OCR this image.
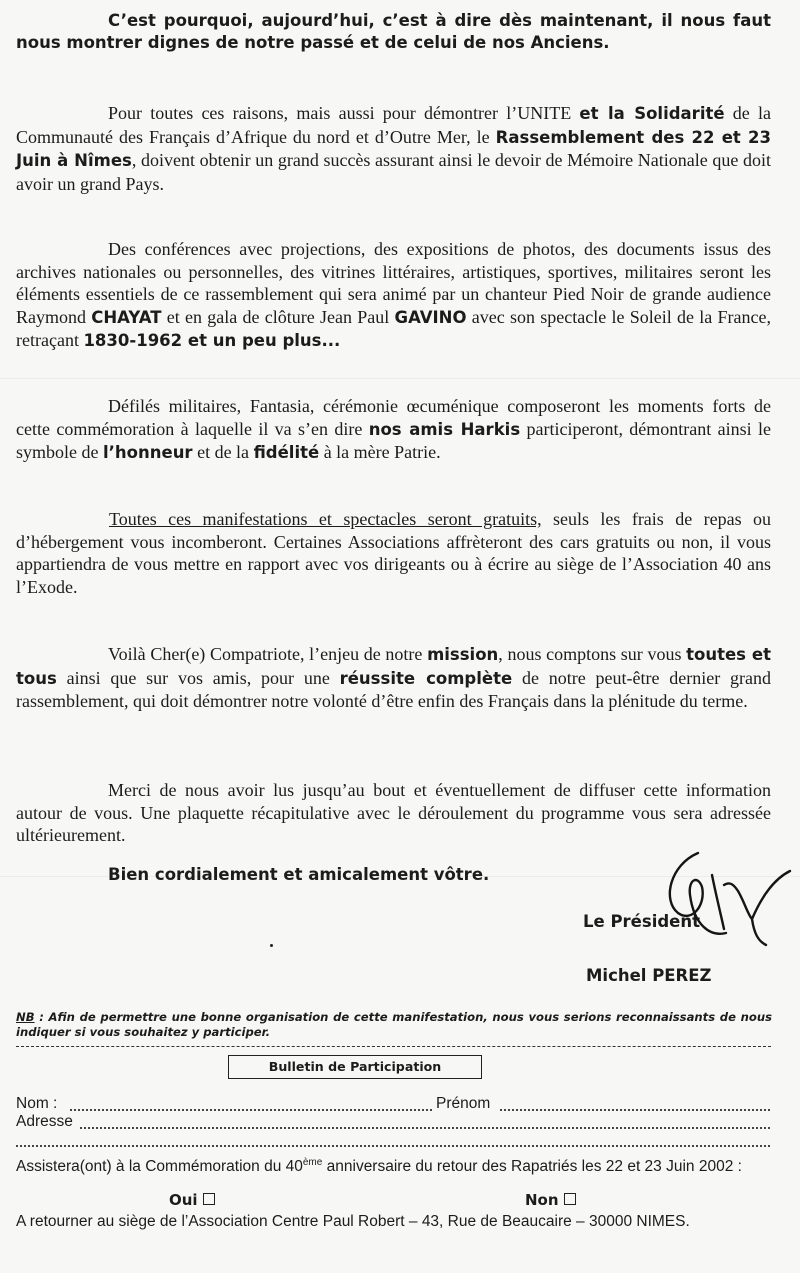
C’est pourquoi, aujourd’hui, c’est à dire dès maintenant, il nous faut nous montrer dignes de notre passé et de celui de nos Anciens.

Pour toutes ces raisons, mais aussi pour démontrer l’UNITE et la Solidarité de la Communauté des Français d’Afrique du nord et d’Outre Mer, le Rassemblement des 22 et 23 Juin à Nîmes, doivent obtenir un grand succès assurant ainsi le devoir de Mémoire Nationale que doit avoir un grand Pays.

Des conférences avec projections, des expositions de photos, des documents issus des archives nationales ou personnelles, des vitrines littéraires, artistiques, sportives, militaires seront les éléments essentiels de ce rassemblement qui sera animé par un chanteur Pied Noir de grande audience Raymond CHAYAT et en gala de clôture Jean Paul GAVINO avec son spectacle le Soleil de la France, retraçant 1830-1962 et un peu plus...

Défilés militaires, Fantasia, cérémonie œcuménique composeront les moments forts de cette commémoration à laquelle il va s’en dire nos amis Harkis participeront, démontrant ainsi le symbole de l’honneur et de la fidélité à la mère Patrie.

Toutes ces manifestations et spectacles seront gratuits, seuls les frais de repas ou d’hébergement vous incomberont. Certaines Associations affrèteront des cars gratuits ou non, il vous appartiendra de vous mettre en rapport avec vos dirigeants ou à écrire au siège de l’Association 40 ans l’Exode.

Voilà Cher(e) Compatriote, l’enjeu de notre mission, nous comptons sur vous toutes et tous ainsi que sur vos amis, pour une réussite complète de notre peut-être dernier grand rassemblement, qui doit démontrer notre volonté d’être enfin des Français dans la plénitude du terme.

Merci de nous avoir lus jusqu’au bout et éventuellement de diffuser cette information autour de vous. Une plaquette récapitulative avec le déroulement du programme vous sera adressée ultérieurement.

Bien cordialement et amicalement vôtre.
Le Président
Michel PEREZ

NB : Afin de permettre une bonne organisation de cette manifestation, nous vous serions reconnaissants de nous indiquer si vous souhaitez y participer.

Bulletin de Participation
Nom :	Prénom
Adresse
Assistera(ont) à la Commémoration du 40ème anniversaire du retour des Rapatriés les 22 et 23 Juin 2002 :
Oui	Non
A retourner au siège de l’Association Centre Paul Robert – 43, Rue de Beaucaire – 30000 NIMES.
